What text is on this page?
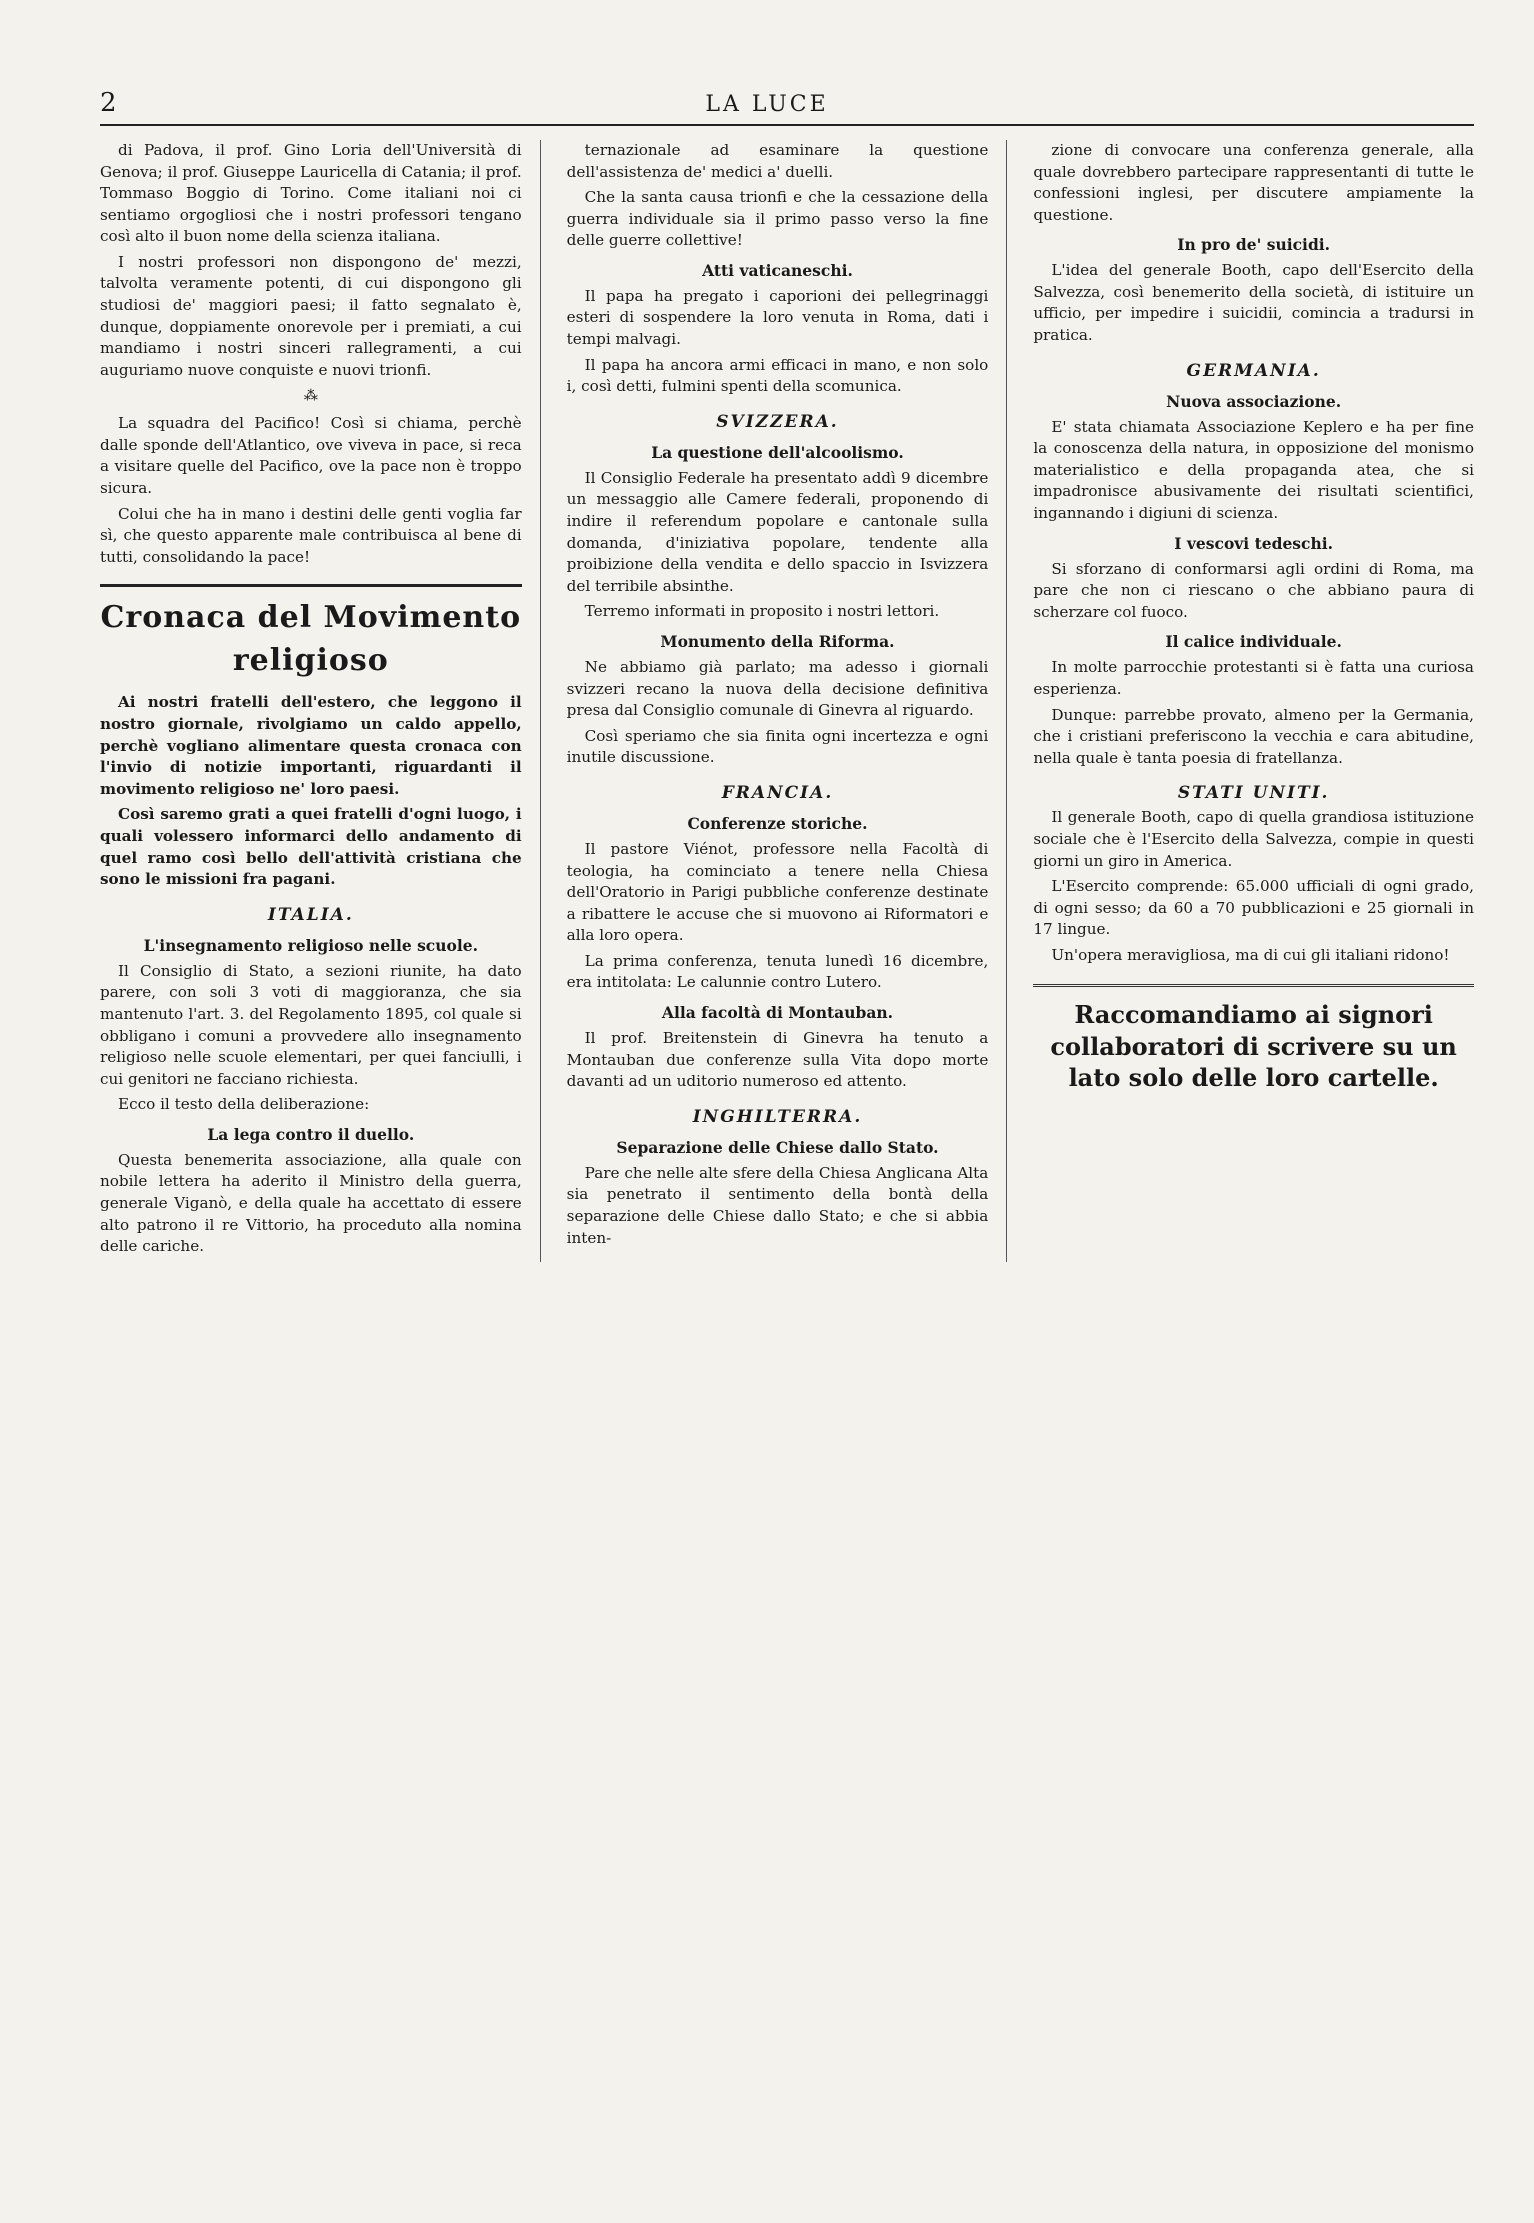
2	LA LUCE

di Padova, il prof. Gino Loria dell'Università di Genova; il prof. Giuseppe Lauricella di Catania; il prof. Tommaso Boggio di Torino. Come italiani noi ci sentiamo orgogliosi che i nostri professori tengano così alto il buon nome della scienza italiana.

I nostri professori non dispongono de' mezzi, talvolta veramente potenti, di cui dispongono gli studiosi de' maggiori paesi; il fatto segnalato è, dunque, doppiamente onorevole per i premiati, a cui mandiamo i nostri sinceri rallegramenti, a cui auguriamo nuove conquiste e nuovi trionfi.

⁂

La squadra del Pacifico! Così si chiama, perchè dalle sponde dell'Atlantico, ove viveva in pace, si reca a visitare quelle del Pacifico, ove la pace non è troppo sicura.

Colui che ha in mano i destini delle genti voglia far sì, che questo apparente male contribuisca al bene di tutti, consolidando la pace!

Cronaca del Movimento religioso

Ai nostri fratelli dell'estero, che leggono il nostro giornale, rivolgiamo un caldo appello, perchè vogliano alimentare questa cronaca con l'invio di notizie importanti, riguardanti il movimento religioso ne' loro paesi.

Così saremo grati a quei fratelli d'ogni luogo, i quali volessero informarci dello andamento di quel ramo così bello dell'attività cristiana che sono le missioni fra pagani.

ITALIA.
L'insegnamento religioso nelle scuole.

Il Consiglio di Stato, a sezioni riunite, ha dato parere, con soli 3 voti di maggioranza, che sia mantenuto l'art. 3. del Regolamento 1895, col quale si obbligano i comuni a provvedere allo insegnamento religioso nelle scuole elementari, per quei fanciulli, i cui genitori ne facciano richiesta.

Ecco il testo della deliberazione:

La lega contro il duello.

Questa benemerita associazione, alla quale con nobile lettera ha aderito il Ministro della guerra, generale Viganò, e della quale ha accettato di essere alto patrono il re Vittorio, ha proceduto alla nomina delle cariche.

ternazionale ad esaminare la questione dell'assistenza de' medici a' duelli.

Che la santa causa trionfi e che la cessazione della guerra individuale sia il primo passo verso la fine delle guerre collettive!

Atti vaticaneschi.

Il papa ha pregato i caporioni dei pellegrinaggi esteri di sospendere la loro venuta in Roma, dati i tempi malvagi.

Il papa ha ancora armi efficaci in mano, e non solo i, così detti, fulmini spenti della scomunica.

SVIZZERA.
La questione dell'alcoolismo.

Il Consiglio Federale ha presentato addì 9 dicembre un messaggio alle Camere federali, proponendo di indire il referendum popolare e cantonale sulla domanda, d'iniziativa popolare, tendente alla proibizione della vendita e dello spaccio in Isvizzera del terribile absinthe.

Terremo informati in proposito i nostri lettori.

Monumento della Riforma.

Ne abbiamo già parlato; ma adesso i giornali svizzeri recano la nuova della decisione definitiva presa dal Consiglio comunale di Ginevra al riguardo.

Così speriamo che sia finita ogni incertezza e ogni inutile discussione.

FRANCIA.
Conferenze storiche.

Il pastore Viénot, professore nella Facoltà di teologia, ha cominciato a tenere nella Chiesa dell'Oratorio in Parigi pubbliche conferenze destinate a ribattere le accuse che si muovono ai Riformatori e alla loro opera.

La prima conferenza, tenuta lunedì 16 dicembre, era intitolata: Le calunnie contro Lutero.

Alla facoltà di Montauban.

Il prof. Breitenstein di Ginevra ha tenuto a Montauban due conferenze sulla Vita dopo morte davanti ad un uditorio numeroso ed attento.

INGHILTERRA.
Separazione delle Chiese dallo Stato.

Pare che nelle alte sfere della Chiesa Anglicana Alta sia penetrato il sentimento della bontà della separazione delle Chiese dallo Stato; e che si abbia inten-

zione di convocare una conferenza generale, alla quale dovrebbero partecipare rappresentanti di tutte le confessioni inglesi, per discutere ampiamente la questione.

In pro de' suicidi.

L'idea del generale Booth, capo dell'Esercito della Salvezza, così benemerito della società, di istituire un ufficio, per impedire i suicidii, comincia a tradursi in pratica.

GERMANIA.
Nuova associazione.

E' stata chiamata Associazione Keplero e ha per fine la conoscenza della natura, in opposizione del monismo materialistico e della propaganda atea, che si impadronisce abusivamente dei risultati scientifici, ingannando i digiuni di scienza.

I vescovi tedeschi.

Si sforzano di conformarsi agli ordini di Roma, ma pare che non ci riescano o che abbiano paura di scherzare col fuoco.

Il calice individuale.

In molte parrocchie protestanti si è fatta una curiosa esperienza.

Dunque: parrebbe provato, almeno per la Germania, che i cristiani preferiscono la vecchia e cara abitudine, nella quale è tanta poesia di fratellanza.

STATI UNITI.

Il generale Booth, capo di quella grandiosa istituzione sociale che è l'Esercito della Salvezza, compie in questi giorni un giro in America.

L'Esercito comprende: 65.000 ufficiali di ogni grado, di ogni sesso; da 60 a 70 pubblicazioni e 25 giornali in 17 lingue.

Un'opera meravigliosa, ma di cui gli italiani ridono!

Raccomandiamo ai signori collaboratori di scrivere su un lato solo delle loro cartelle.
